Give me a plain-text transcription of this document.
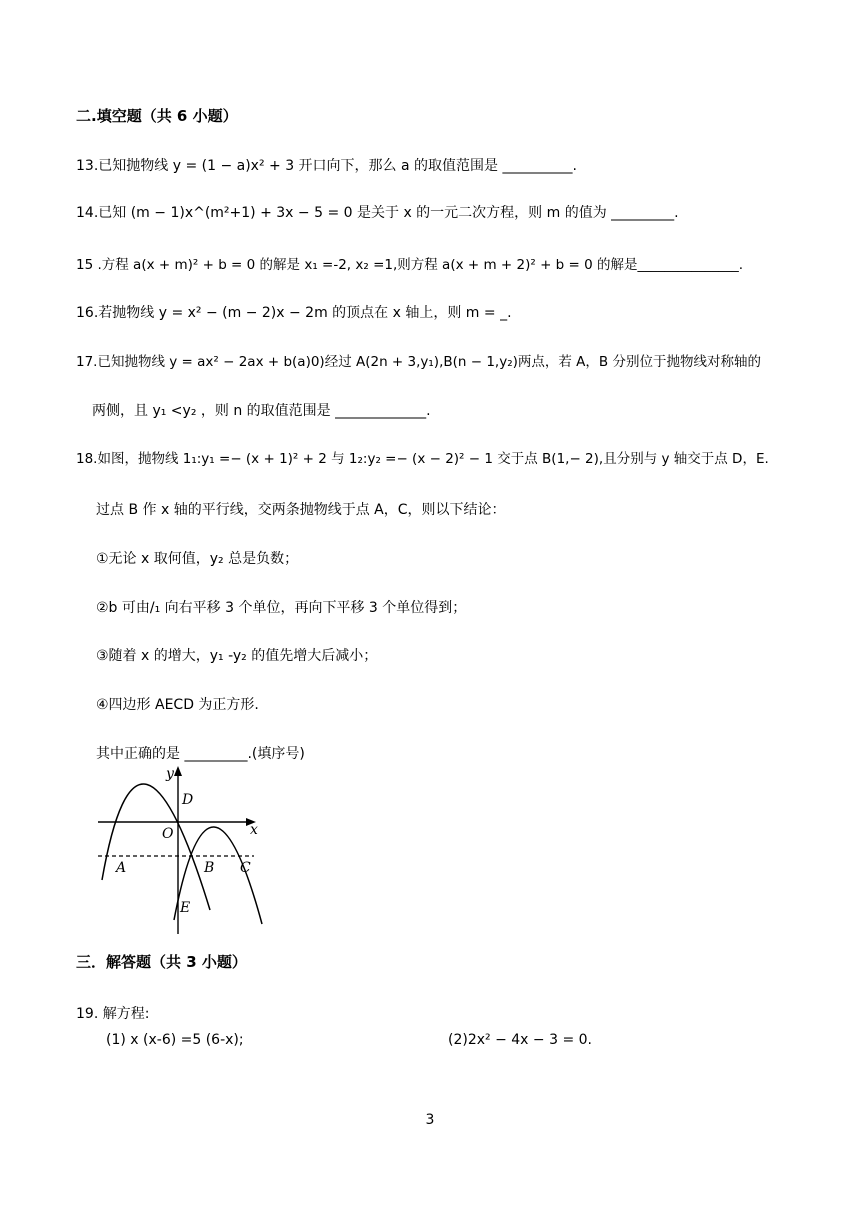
二.填空题（共 6 小题）
13.已知抛物线 y = (1 − a)x² + 3 开口向下，那么 a 的取值范围是 __________.
14.已知 (m − 1)x^(m²+1) + 3x − 5 = 0 是关于 x 的一元二次方程，则 m 的值为 _________.
15 .方程 a(x + m)² + b = 0 的解是 x₁ =-2, x₂ =1,则方程 a(x + m + 2)² + b = 0 的解是_______________.
16.若抛物线 y = x² − (m − 2)x − 2m 的顶点在 x 轴上，则 m = _.
17.已知抛物线 y = ax² − 2ax + b(a)0)经过 A(2n + 3,y₁),B(n − 1,y₂)两点，若 A，B 分别位于抛物线对称轴的
两侧，且 y₁ <y₂ ，则 n 的取值范围是 _____________.
18.如图，抛物线 1₁:y₁ =− (x + 1)² + 2 与 1₂:y₂ =− (x − 2)² − 1 交于点 B(1,− 2),且分别与 y 轴交于点 D，E.
过点 B 作 x 轴的平行线，交两条抛物线于点 A，C，则以下结论：
①无论 x 取何值，y₂ 总是负数；
②b 可由/₁ 向右平移 3 个单位，再向下平移 3 个单位得到；
③随着 x 的增大，y₁ -y₂ 的值先增大后减小；
④四边形 AECD 为正方形.
其中正确的是 _________.(填序号)
y
x
O
D
A	B C
E
三．解答题（共 3 小题）
19. 解方程:
(1) x (x-6) =5 (6-x);	(2)2x² − 4x − 3 = 0.
3
